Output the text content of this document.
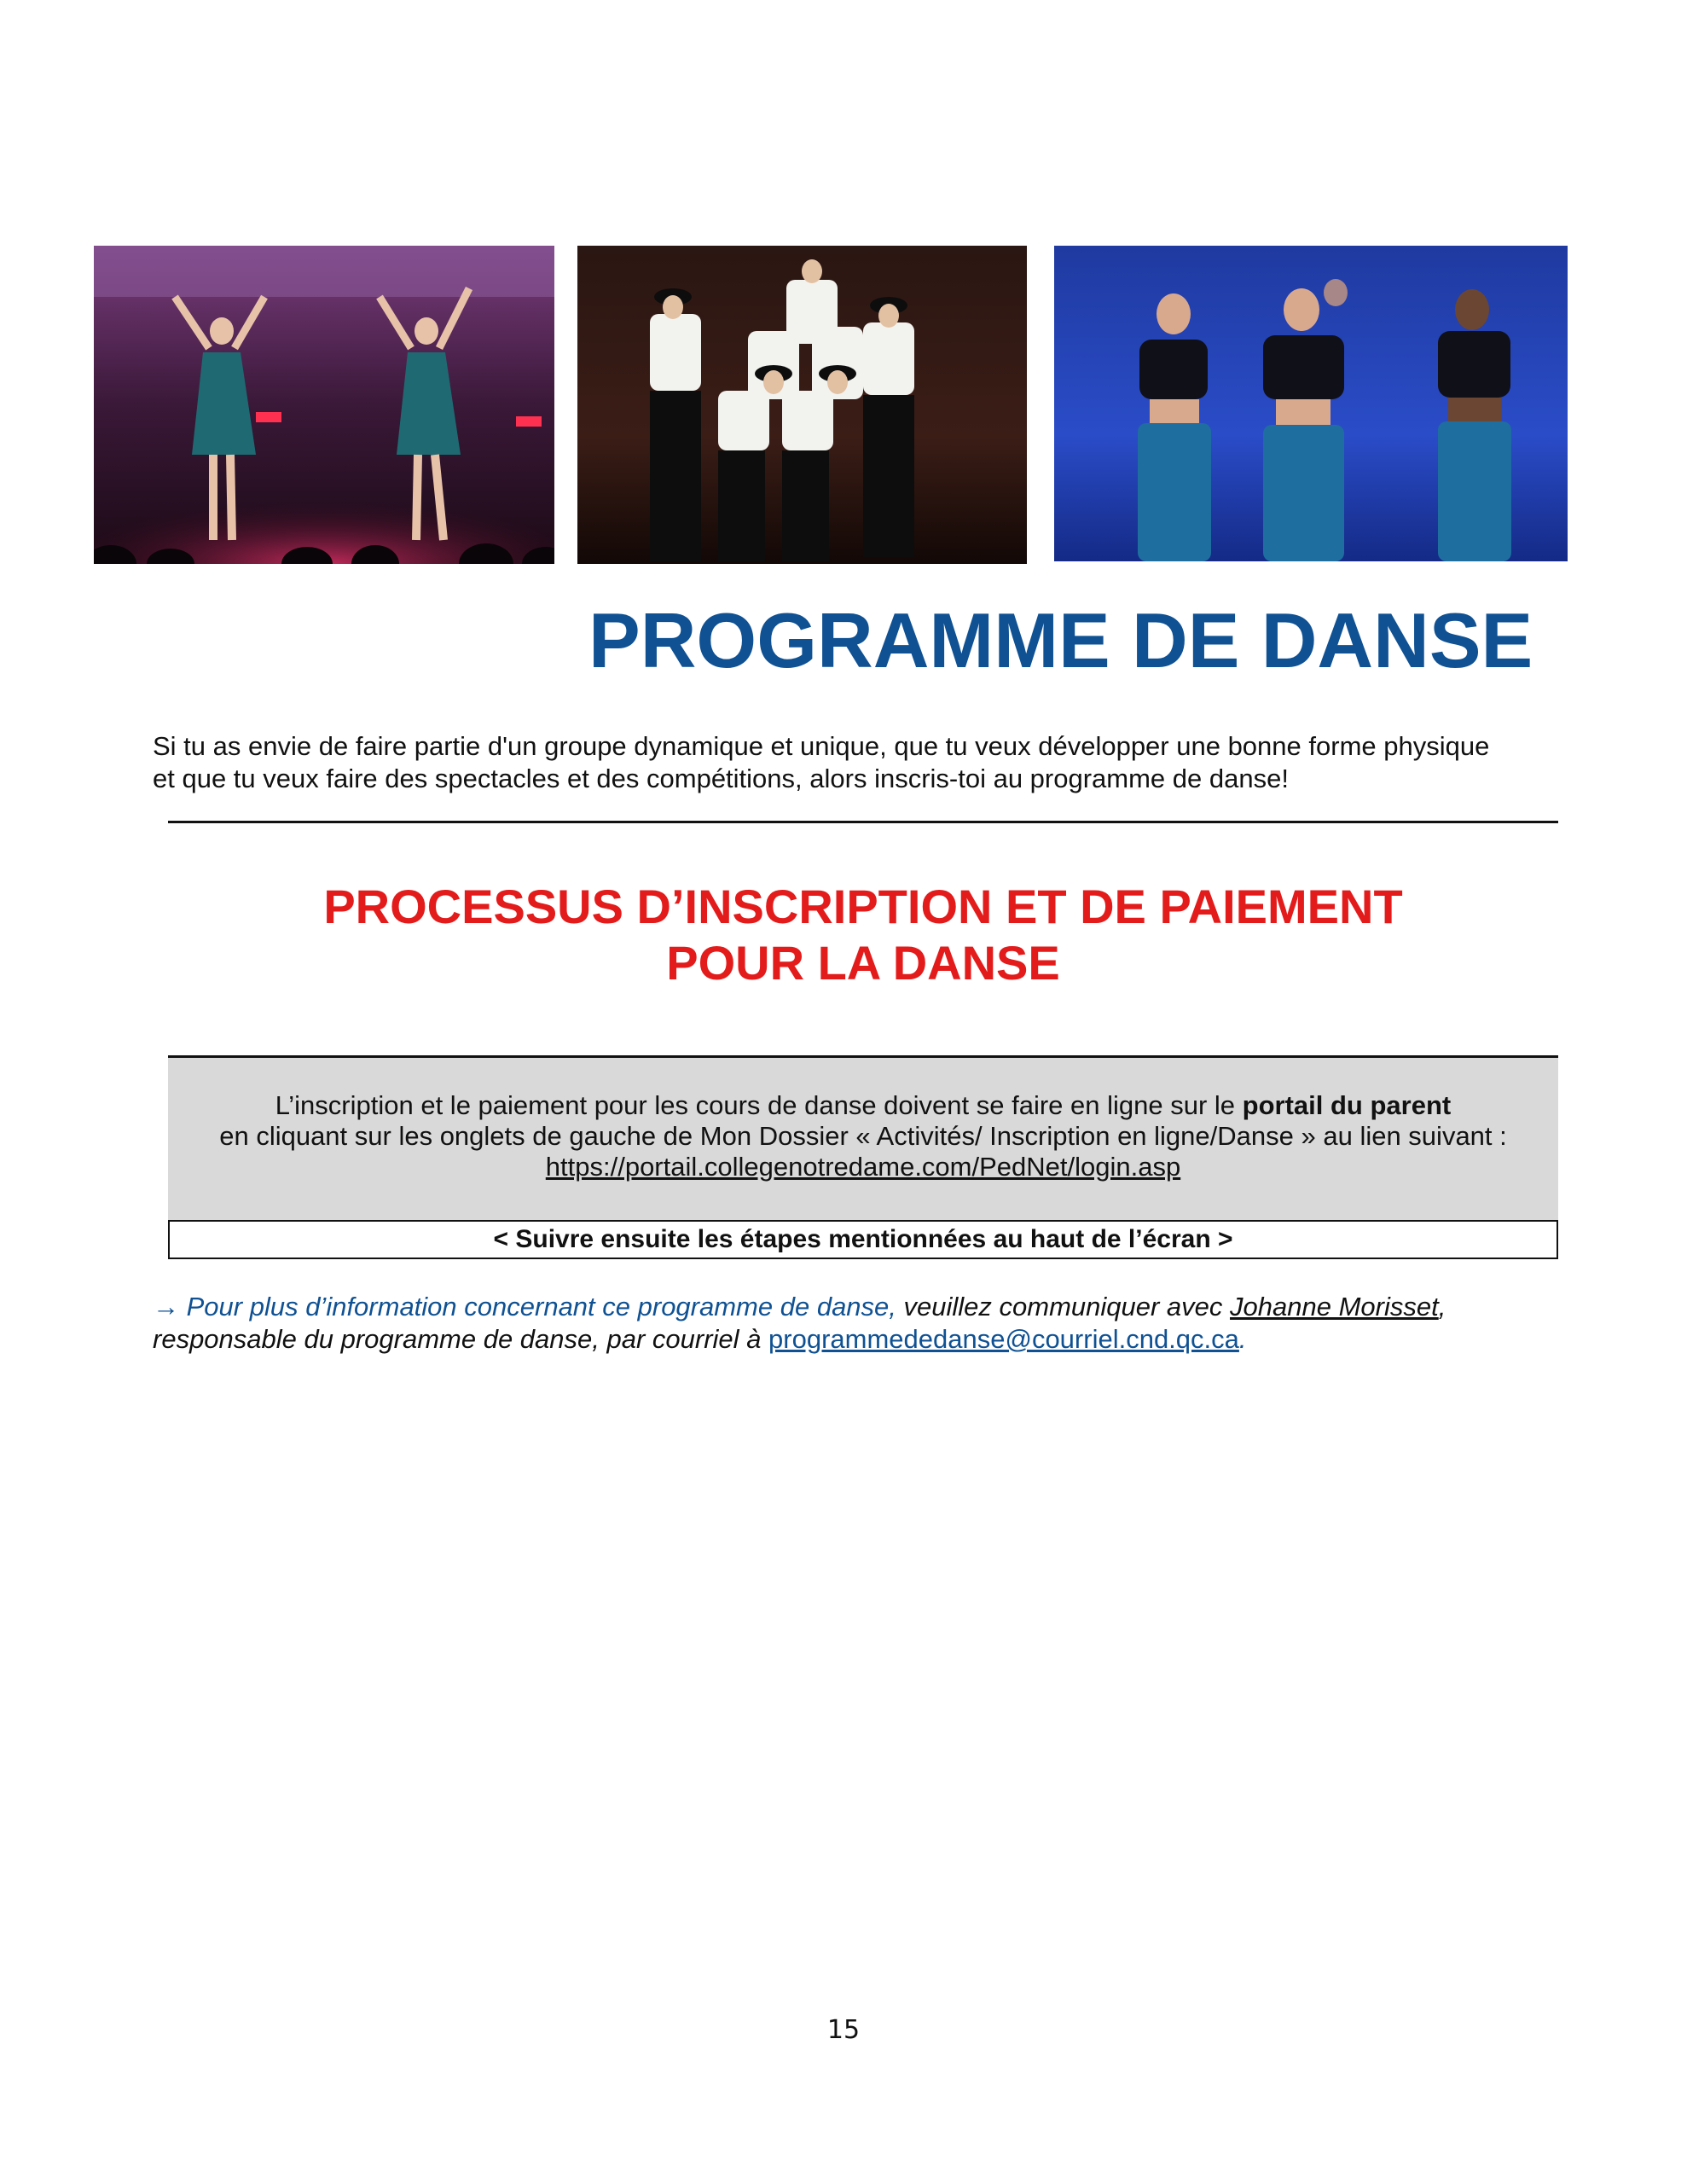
PROGRAMME DE DANSE
Si tu as envie de faire partie d'un groupe dynamique et unique, que tu veux développer une bonne forme physique
et que tu veux faire des spectacles et des compétitions, alors inscris-toi au programme de danse!
PROCESSUS D’INSCRIPTION ET DE PAIEMENT
POUR LA DANSE
L’inscription et le paiement pour les cours de danse doivent se faire en ligne sur le portail du parent
en cliquant sur les onglets de gauche de Mon Dossier « Activités/ Inscription en ligne/Danse » au lien suivant :
https://portail.collegenotredame.com/PedNet/login.asp
< Suivre ensuite les étapes mentionnées au haut de l’écran >
→ Pour plus d’information concernant ce programme de danse, veuillez communiquer avec Johanne Morisset,
responsable du programme de danse, par courriel à programmededanse@courriel.cnd.qc.ca.
15
